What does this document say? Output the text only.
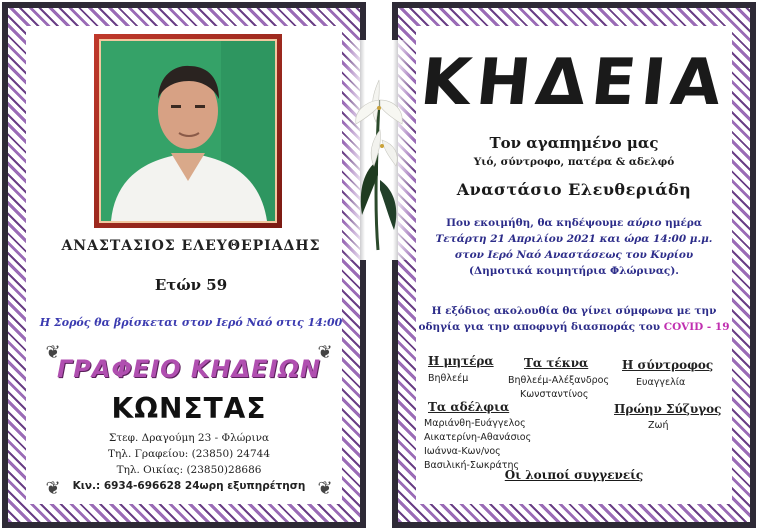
ΑΝΑΣΤΑΣΙΟΣ ΕΛΕΥΘΕΡΙΑΔΗΣ
Ετών 59
Η Σορός θα βρίσκεται στον Ιερό Ναό στις 14:00
❦	❦
❦	❦
ΓΡΑΦΕΙΟ ΚΗΔΕΙΩΝ
ΚΩΝΣΤΑΣ
Στεφ. Δραγούμη 23 - Φλώρινα
Τηλ. Γραφείου: (23850) 24744
Τηλ. Οικίας: (23850)28686
Κιν.: 6934-696628 24ωρη εξυπηρέτηση
ΚΗΔΕΙΑ
Τον αγαπημένο μας
Υιό, σύντροφο, πατέρα & αδελφό
Αναστάσιο Ελευθεριάδη
Που εκοιμήθη, θα κηδέψουμε αύριο ημέρα
Τετάρτη 21 Απριλίου 2021 και ώρα 14:00 μ.μ.
στον Ιερό Ναό Αναστάσεως του Κυρίου
(Δημοτικά κοιμητήρια Φλώρινας).
Η εξόδιος ακολουθία θα γίνει σύμφωνα με την
οδηγία για την αποφυγή διασποράς του COVID - 19
Η μητέρα
Βηθλεέμ
Τα τέκνα
Βηθλεέμ-Αλέξανδρος
Κωνσταντίνος
Η σύντροφος
Ευαγγελία
Τα αδέλφια
Μαριάνθη-Ευάγγελος
Αικατερίνη-Αθανάσιος
Ιωάννα-Κων/νος
Βασιλική-Σωκράτης
Πρώην Σύζυγος
Ζωή
Οι λοιποί συγγενείς
